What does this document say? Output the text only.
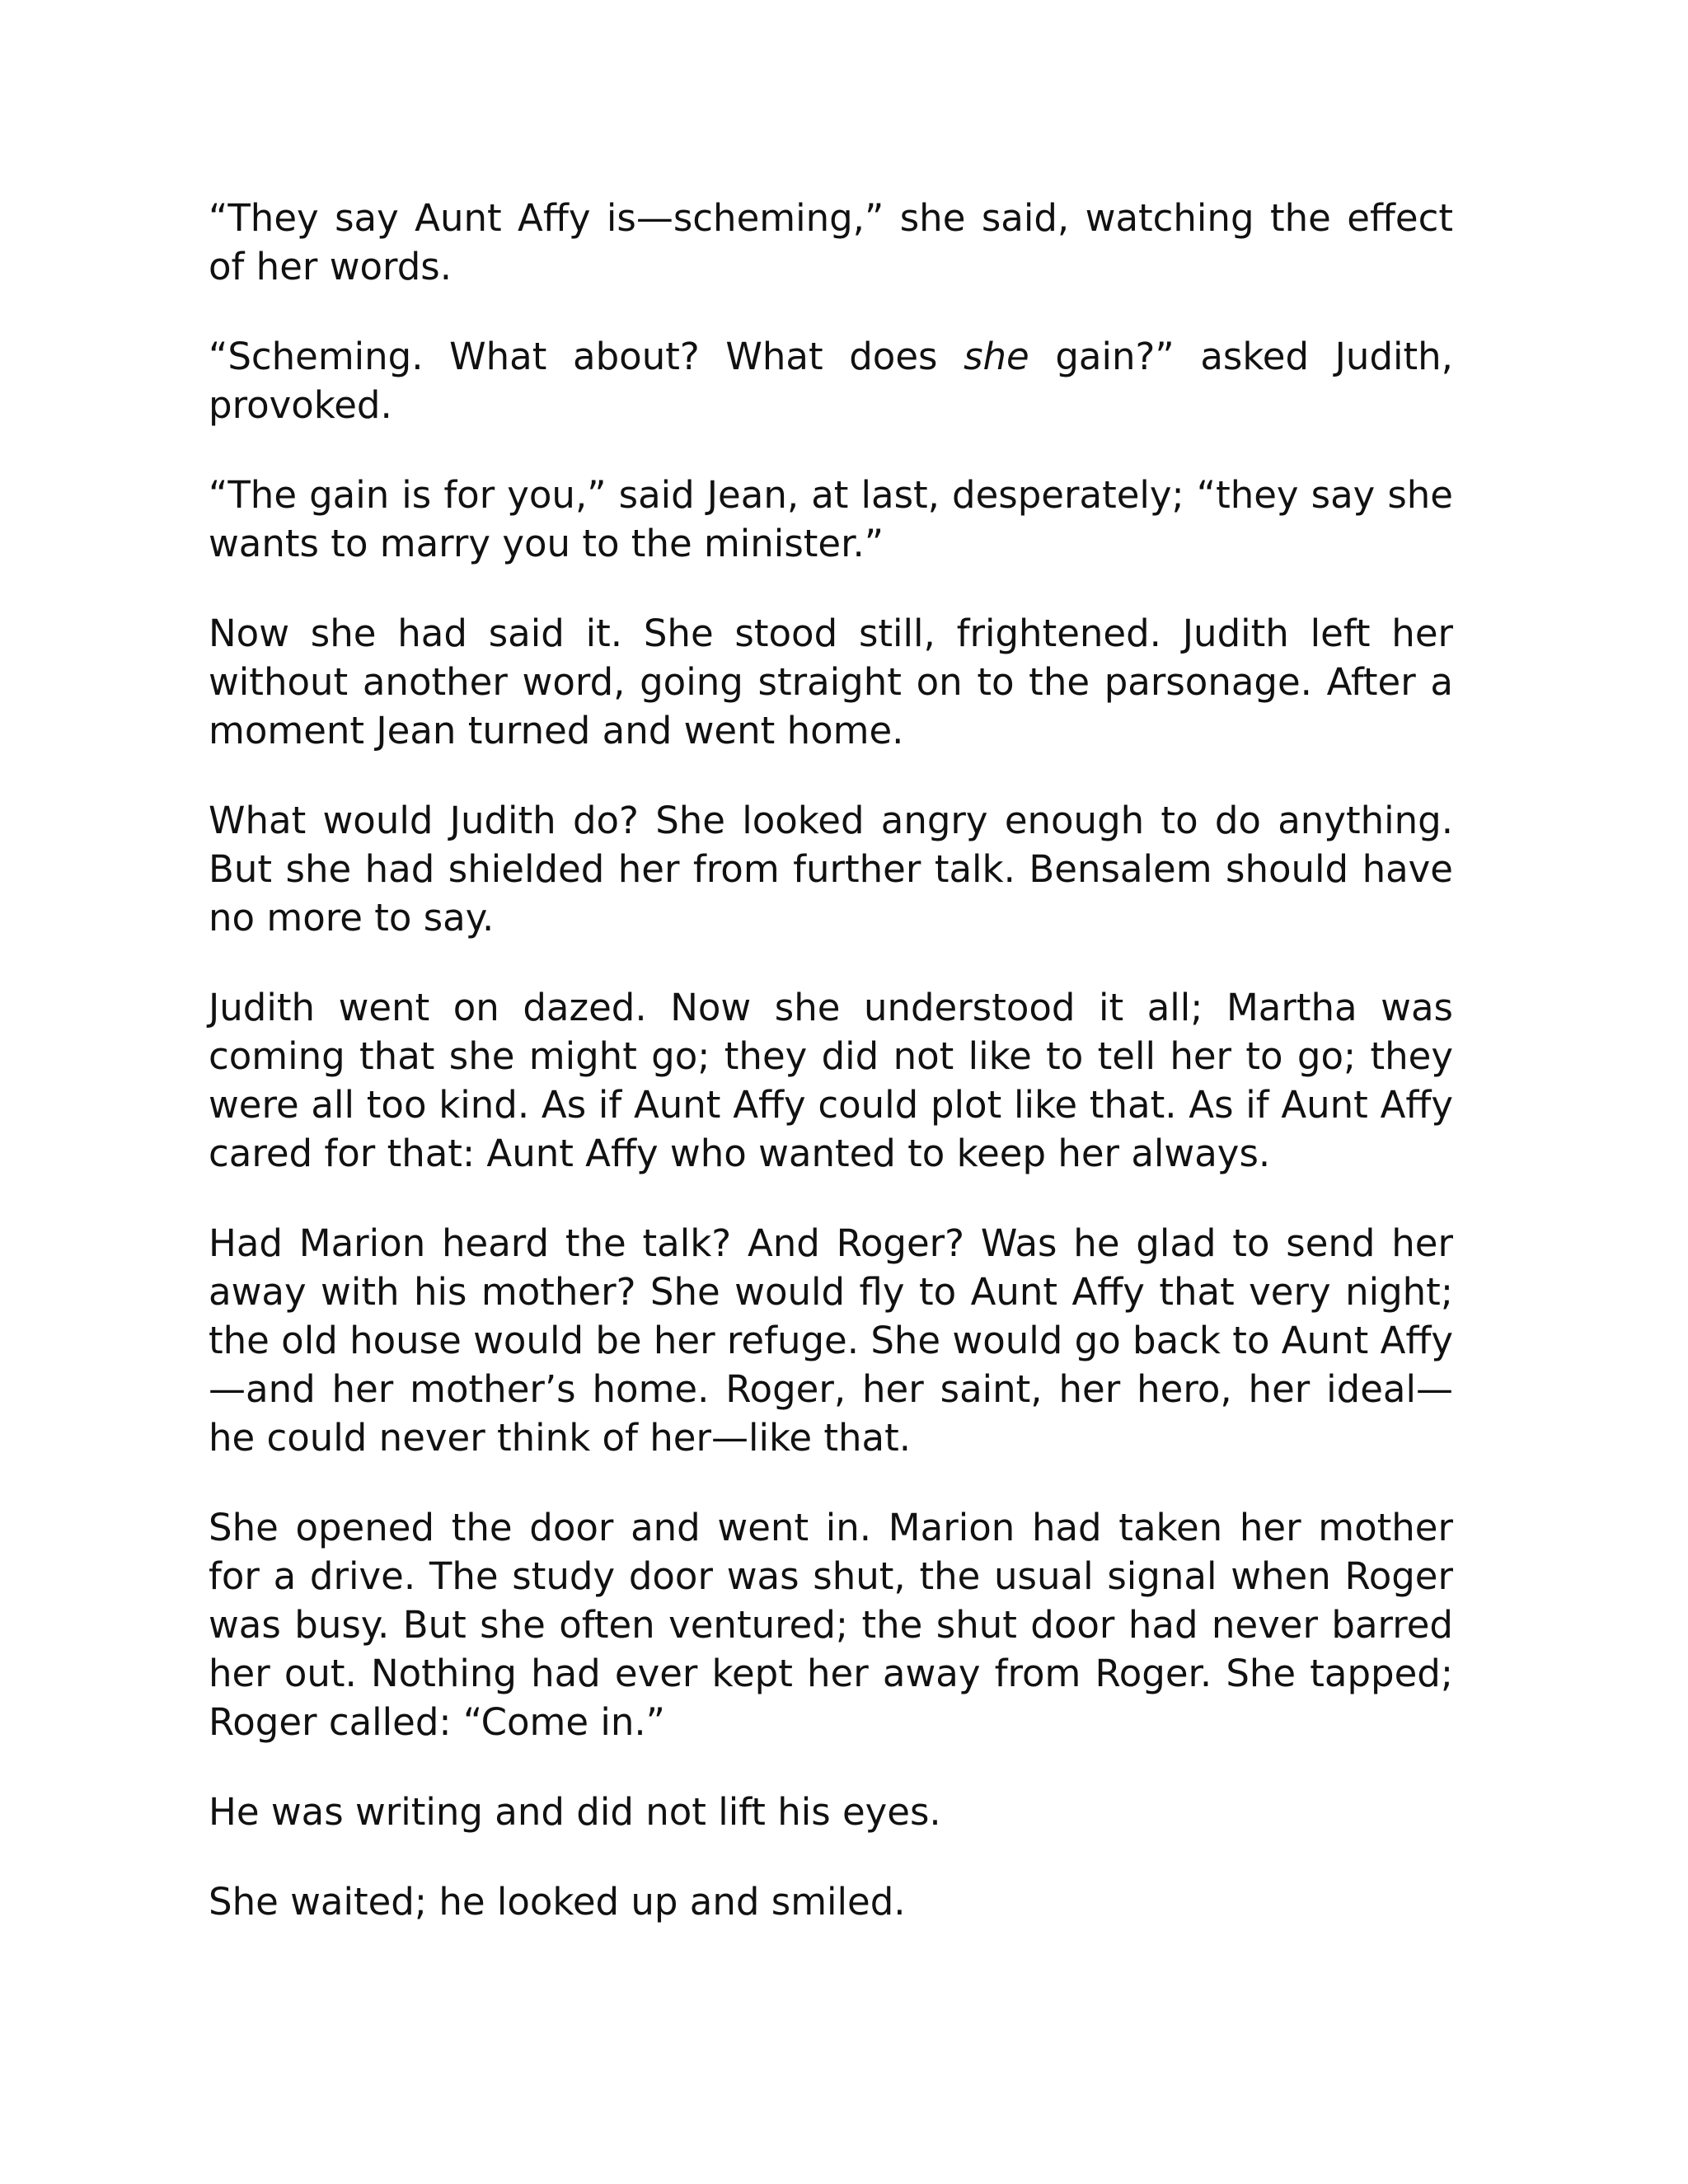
“They say Aunt Affy is—scheming,” she said, watching the effect of her words.

“Scheming. What about? What does she gain?” asked Judith, provoked.

“The gain is for you,” said Jean, at last, desperately; “they say she wants to marry you to the minister.”

Now she had said it. She stood still, frightened. Judith left her without another word, going straight on to the parsonage. After a moment Jean turned and went home.

What would Judith do? She looked angry enough to do anything. But she had shielded her from further talk. Bensalem should have no more to say.

Judith went on dazed. Now she understood it all; Martha was coming that she might go; they did not like to tell her to go; they were all too kind. As if Aunt Affy could plot like that. As if Aunt Affy cared for that: Aunt Affy who wanted to keep her always.

Had Marion heard the talk? And Roger? Was he glad to send her away with his mother? She would fly to Aunt Affy that very night; the old house would be her refuge. She would go back to Aunt Affy —and her mother’s home. Roger, her saint, her hero, her ideal—he could never think of her—like that.

She opened the door and went in. Marion had taken her mother for a drive. The study door was shut, the usual signal when Roger was busy. But she often ventured; the shut door had never barred her out. Nothing had ever kept her away from Roger. She tapped; Roger called: “Come in.”

He was writing and did not lift his eyes.

She waited; he looked up and smiled.
